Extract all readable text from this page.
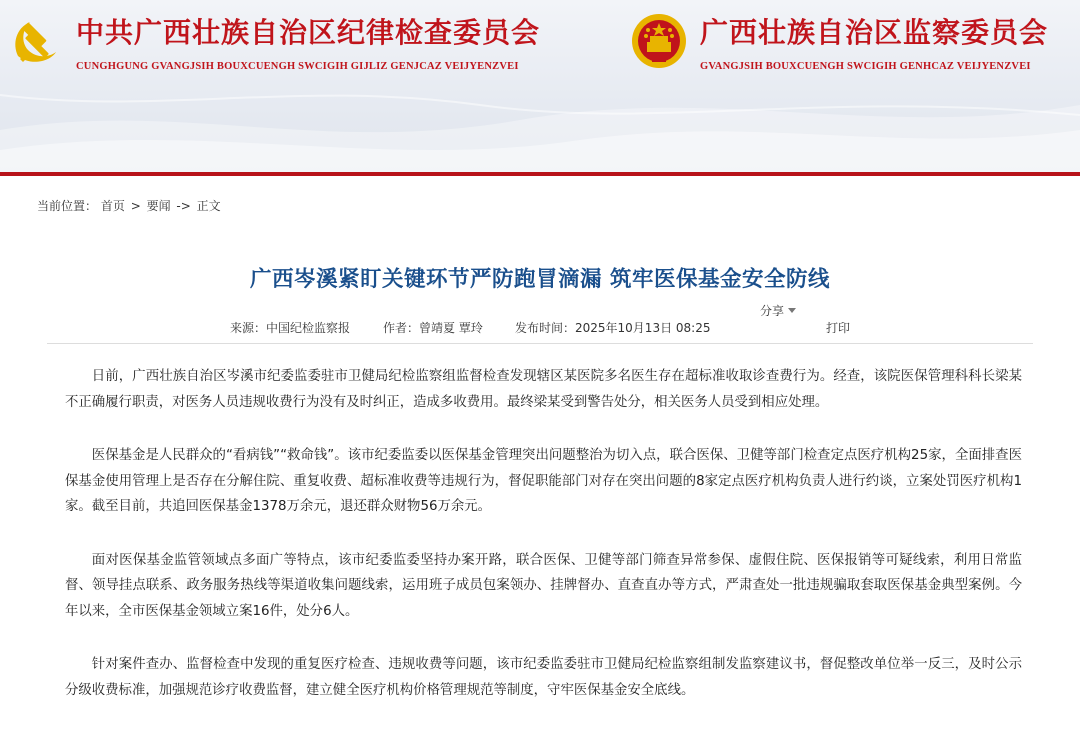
中共广西壮族自治区纪律检查委员会
CUNGHGUNG GVANGJSIH BOUXCUENGH SWCIGIH GIJLIZ GENJCAZ VEIJYENZVEI
广西壮族自治区监察委员会
GVANGJSIH BOUXCUENGH SWCIGIH GENHCAZ VEIJYENZVEI
当前位置： 首页 > 要闻 -> 正文
广西岑溪紧盯关键环节严防跑冒滴漏 筑牢医保基金安全防线
分享
来源：中国纪检监察报	作者：曾靖夏 覃玲	发布时间：2025年10月13日 08:25	打印

日前，广西壮族自治区岑溪市纪委监委驻市卫健局纪检监察组监督检查发现辖区某医院多名医生存在超标准收取诊查费行为。经查，该院医保管理科科长梁某不正确履行职责，对医务人员违规收费行为没有及时纠正，造成多收费用。最终梁某受到警告处分，相关医务人员受到相应处理。

医保基金是人民群众的“看病钱”“救命钱”。该市纪委监委以医保基金管理突出问题整治为切入点，联合医保、卫健等部门检查定点医疗机构25家，全面排查医保基金使用管理上是否存在分解住院、重复收费、超标准收费等违规行为，督促职能部门对存在突出问题的8家定点医疗机构负责人进行约谈，立案处罚医疗机构1家。截至目前，共追回医保基金1378万余元，退还群众财物56万余元。

面对医保基金监管领域点多面广等特点，该市纪委监委坚持办案开路，联合医保、卫健等部门筛查异常参保、虚假住院、医保报销等可疑线索，利用日常监督、领导挂点联系、政务服务热线等渠道收集问题线索，运用班子成员包案领办、挂牌督办、直查直办等方式，严肃查处一批违规骗取套取医保基金典型案例。今年以来，全市医保基金领域立案16件，处分6人。

针对案件查办、监督检查中发现的重复医疗检查、违规收费等问题，该市纪委监委驻市卫健局纪检监察组制发监察建议书，督促整改单位举一反三，及时公示分级收费标准，加强规范诊疗收费监督，建立健全医疗机构价格管理规范等制度，守牢医保基金安全底线。
